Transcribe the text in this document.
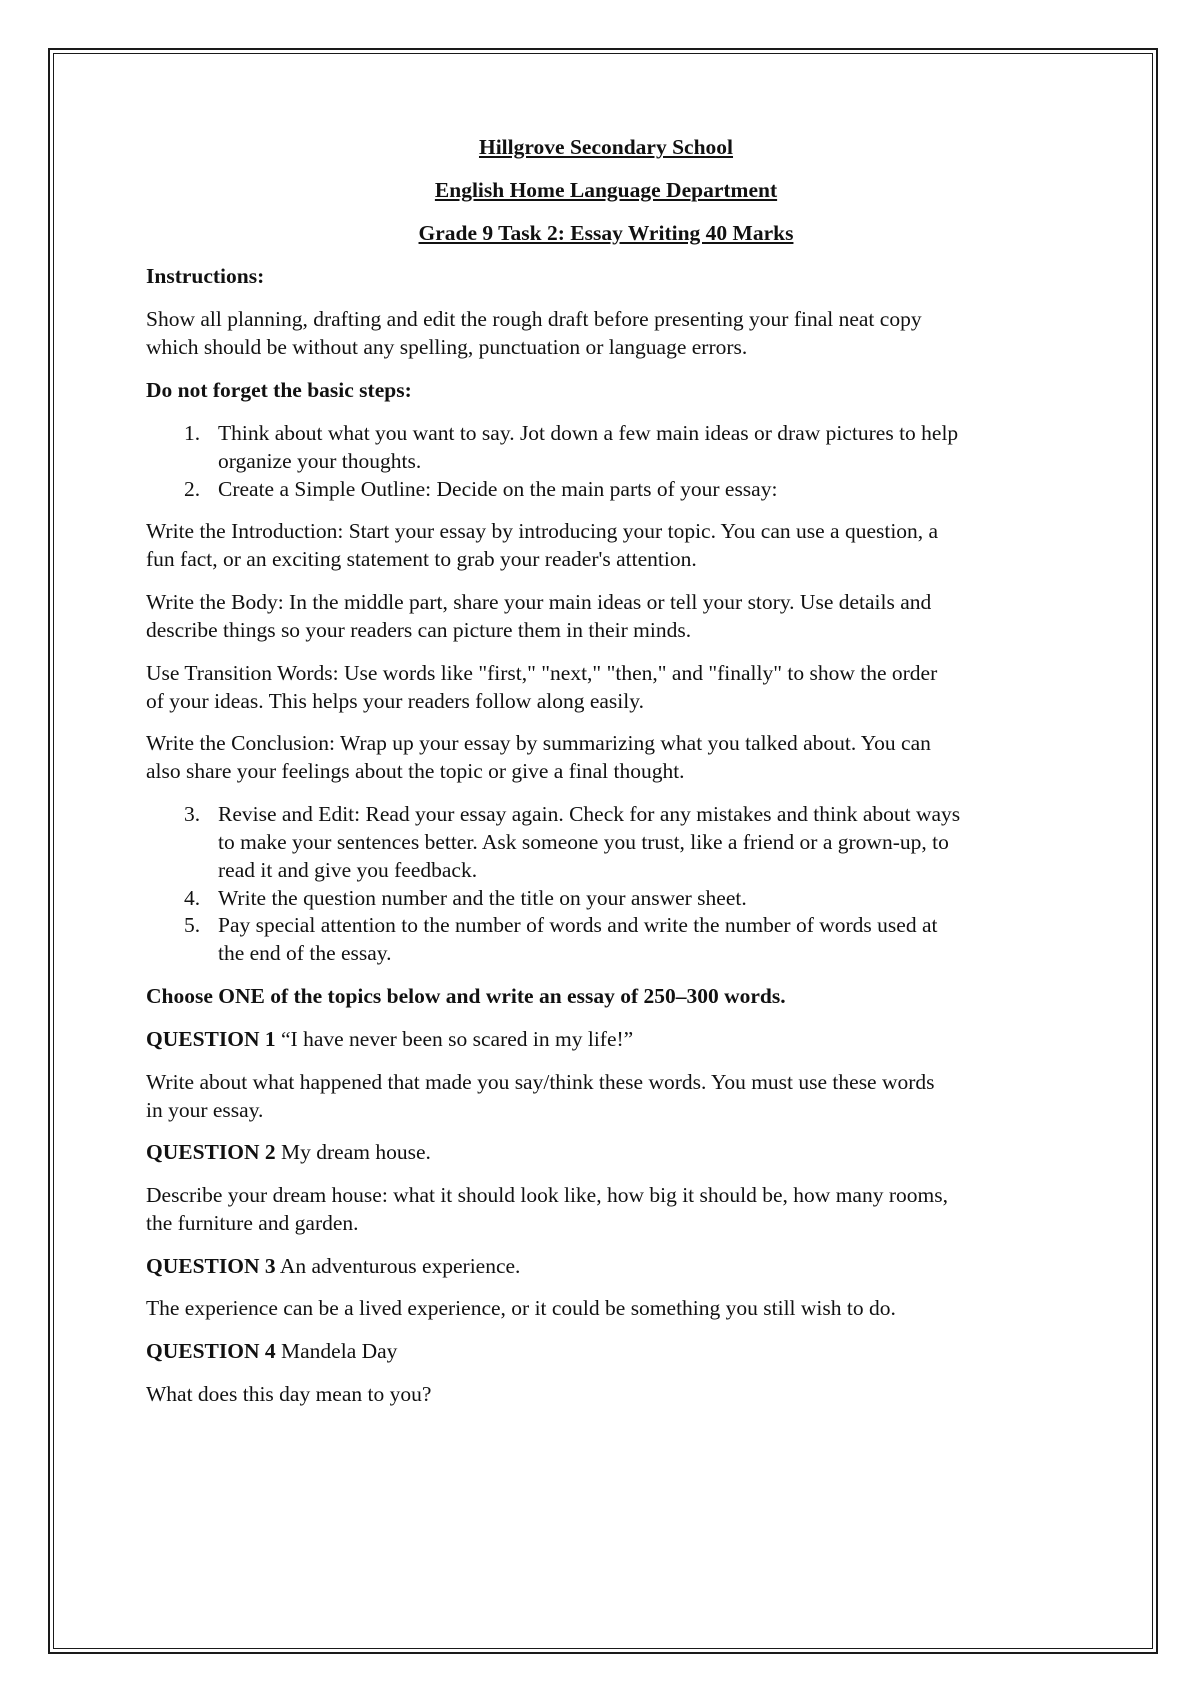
Hillgrove Secondary School
English Home Language Department
Grade 9 Task 2: Essay Writing 40 Marks
Instructions:
Show all planning, drafting and edit the rough draft before presenting your final neat copy
which should be without any spelling, punctuation or language errors.
Do not forget the basic steps:
1. Think about what you want to say. Jot down a few main ideas or draw pictures to help
organize your thoughts.
2. Create a Simple Outline: Decide on the main parts of your essay:
Write the Introduction: Start your essay by introducing your topic. You can use a question, a
fun fact, or an exciting statement to grab your reader's attention.
Write the Body: In the middle part, share your main ideas or tell your story. Use details and
describe things so your readers can picture them in their minds.
Use Transition Words: Use words like "first," "next," "then," and "finally" to show the order
of your ideas. This helps your readers follow along easily.
Write the Conclusion: Wrap up your essay by summarizing what you talked about. You can
also share your feelings about the topic or give a final thought.
3. Revise and Edit: Read your essay again. Check for any mistakes and think about ways
to make your sentences better. Ask someone you trust, like a friend or a grown-up, to
read it and give you feedback.
4. Write the question number and the title on your answer sheet.
5. Pay special attention to the number of words and write the number of words used at
the end of the essay.
Choose ONE of the topics below and write an essay of 250–300 words.
QUESTION 1 “I have never been so scared in my life!”
Write about what happened that made you say/think these words. You must use these words
in your essay.
QUESTION 2 My dream house.
Describe your dream house: what it should look like, how big it should be, how many rooms,
the furniture and garden.
QUESTION 3 An adventurous experience.
The experience can be a lived experience, or it could be something you still wish to do.
QUESTION 4 Mandela Day
What does this day mean to you?
